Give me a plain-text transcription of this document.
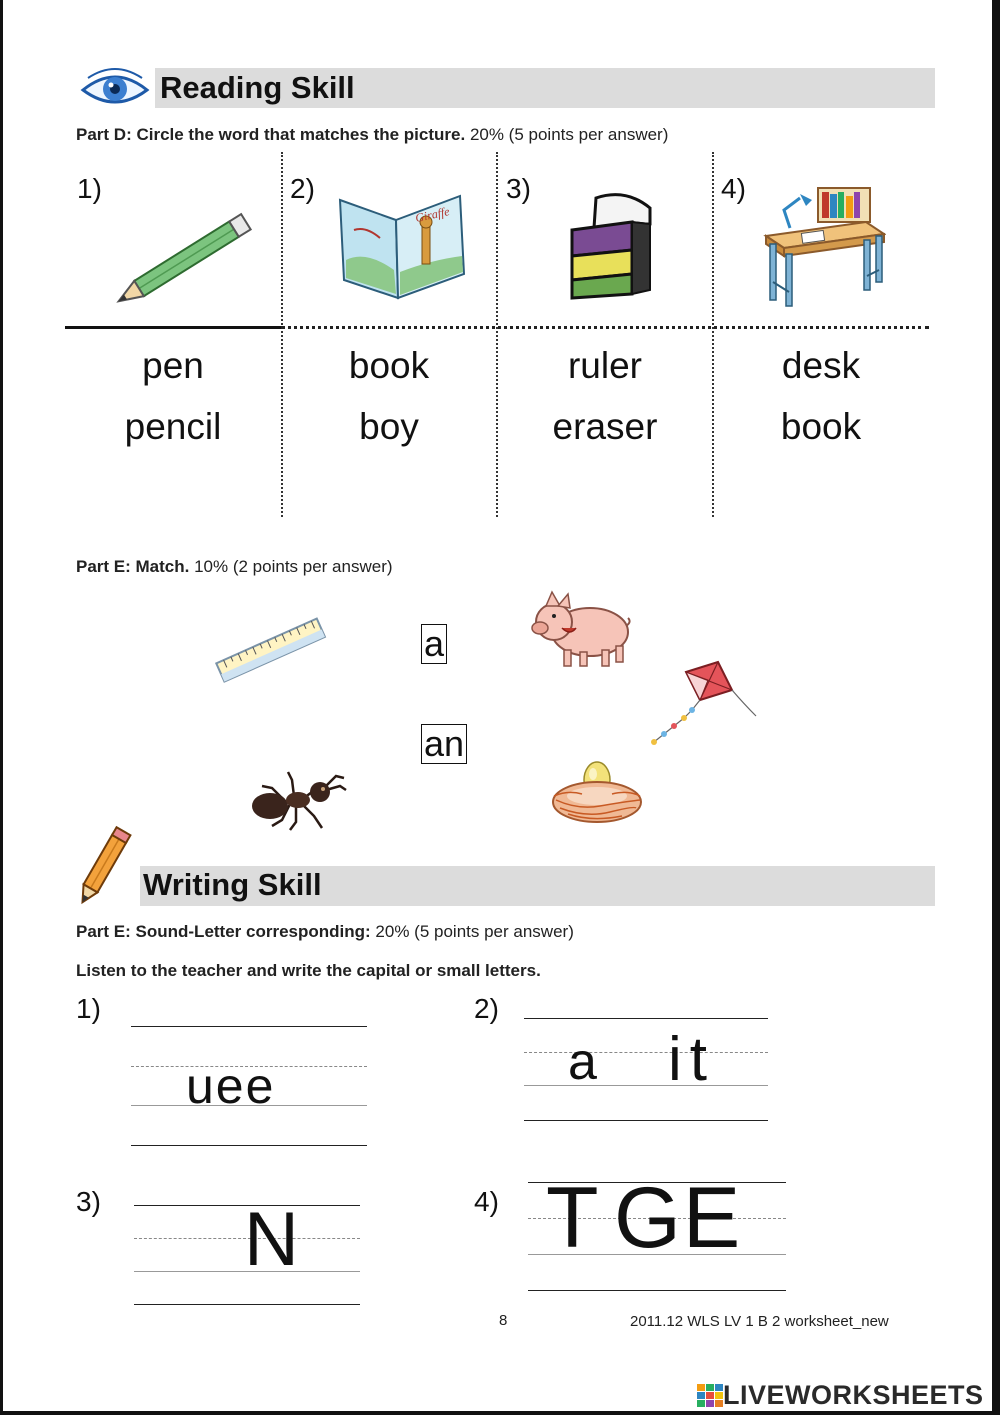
Reading Skill
Part D: Circle the word that matches the picture. 20% (5 points per answer)
1)
pen
pencil
2)
Giraffe
book
boy
3)
ruler
eraser
4)
desk
book
Part E: Match. 10% (2 points per answer)
a
an
Writing Skill
Part E: Sound-Letter corresponding: 20% (5 points per answer)
Listen to the teacher and write the capital or small letters.
1)
uee
2)
a it
3) N	4) T GE
8	2011.12 WLS LV 1 B 2 worksheet_new
LIVEWORKSHEETS
